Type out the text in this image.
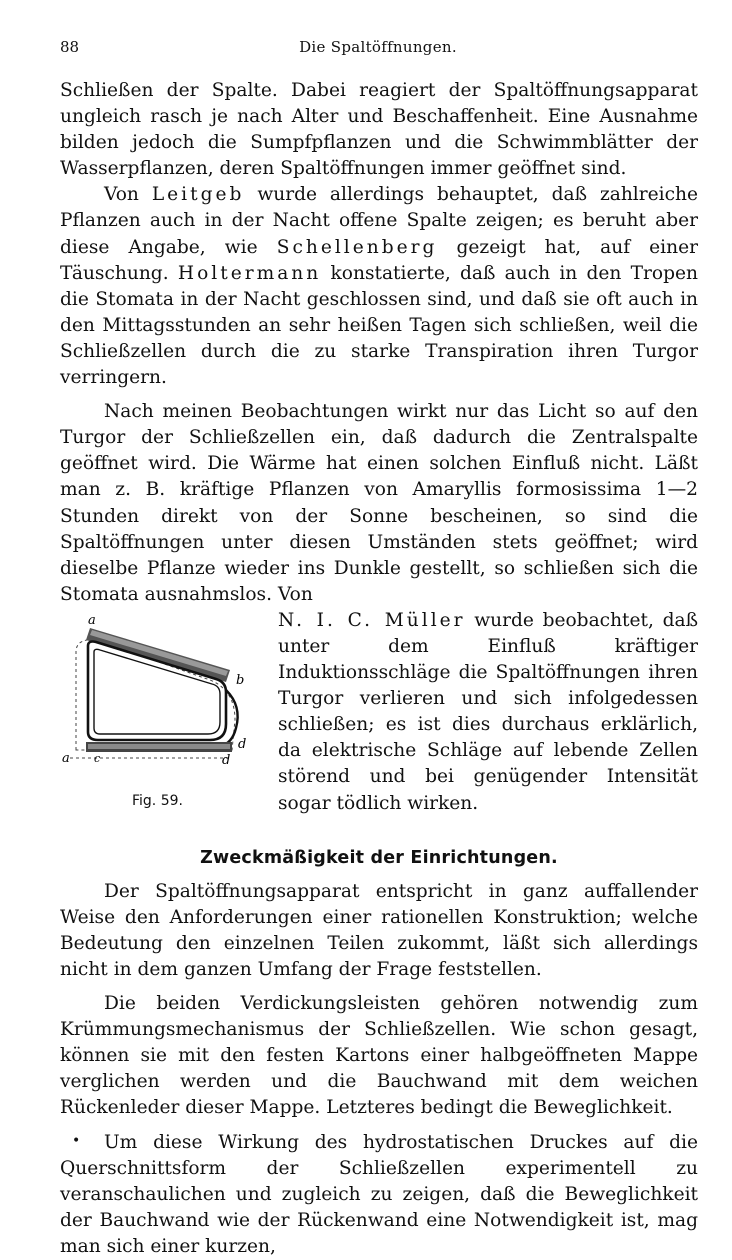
88	Die Spaltöffnungen.

Schließen der Spalte. Dabei reagiert der Spaltöffnungsapparat ungleich rasch je nach Alter und Beschaffenheit. Eine Ausnahme bilden jedoch die Sumpfpflanzen und die Schwimmblätter der Wasserpflanzen, deren Spaltöffnungen immer geöffnet sind.

Von Leitgeb wurde allerdings behauptet, daß zahlreiche Pflanzen auch in der Nacht offene Spalte zeigen; es beruht aber diese Angabe, wie Schellenberg gezeigt hat, auf einer Täuschung. Holtermann konstatierte, daß auch in den Tropen die Stomata in der Nacht geschlossen sind, und daß sie oft auch in den Mittagsstunden an sehr heißen Tagen sich schließen, weil die Schließzellen durch die zu starke Transpiration ihren Turgor verringern.

Nach meinen Beobachtungen wirkt nur das Licht so auf den Turgor der Schließzellen ein, daß dadurch die Zentralspalte geöffnet wird. Die Wärme hat einen solchen Einfluß nicht. Läßt man z. B. kräftige Pflanzen von Amaryllis formosissima 1—2 Stunden direkt von der Sonne bescheinen, so sind die Spaltöffnungen unter diesen Umständen stets geöffnet; wird dieselbe Pflanze wieder ins Dunkle gestellt, so schließen sich die Stomata ausnahmslos. Von

a
b
d
a c	d
Fig. 59.

N. I. C. Müller wurde beobachtet, daß unter dem Einfluß kräftiger Induktionsschläge die Spaltöffnungen ihren Turgor verlieren und sich infolgedessen schließen; es ist dies durchaus erklärlich, da elektrische Schläge auf lebende Zellen störend und bei genügender Intensität sogar tödlich wirken.

Zweckmäßigkeit der Einrichtungen.

Der Spaltöffnungsapparat entspricht in ganz auffallender Weise den Anforderungen einer rationellen Konstruktion; welche Bedeutung den einzelnen Teilen zukommt, läßt sich allerdings nicht in dem ganzen Umfang der Frage feststellen.

Die beiden Verdickungsleisten gehören notwendig zum Krümmungsmechanismus der Schließzellen. Wie schon gesagt, können sie mit den festen Kartons einer halbgeöffneten Mappe verglichen werden und die Bauchwand mit dem weichen Rückenleder dieser Mappe. Letzteres bedingt die Beweglichkeit.

Um diese Wirkung des hydrostatischen Druckes auf die Querschnittsform der Schließzellen experimentell zu veranschaulichen und zugleich zu zeigen, daß die Beweglichkeit der Bauchwand wie der Rückenwand eine Notwendigkeit ist, mag man sich einer kurzen,

•
